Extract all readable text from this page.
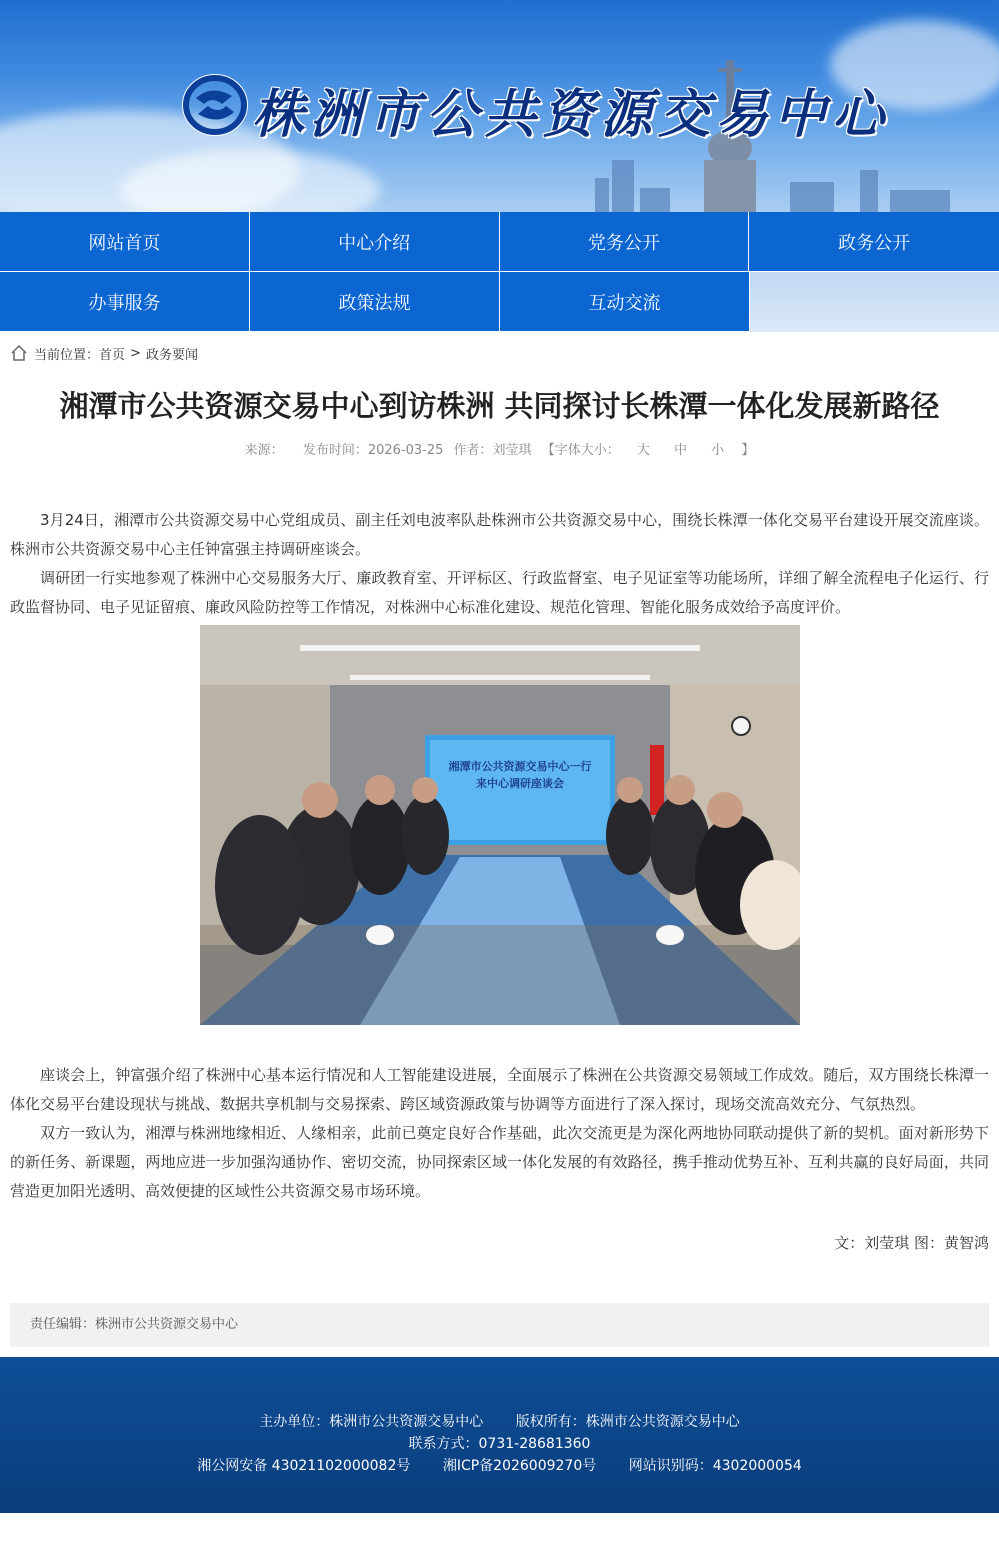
株洲市公共资源交易中心
网站首页	中心介绍	党务公开	政务公开
办事服务	政策法规	互动交流
当前位置： 首页 > 政务要闻
湘潭市公共资源交易中心到访株洲 共同探讨长株潭一体化发展新路径
来源： 发布时间：2026-03-25 作者：刘莹琪 【字体大小： 大 中 小 】

3月24日，湘潭市公共资源交易中心党组成员、副主任刘电波率队赴株洲市公共资源交易中心，围绕长株潭一体化交易平台建设开展交流座谈。株洲市公共资源交易中心主任钟富强主持调研座谈会。

调研团一行实地参观了株洲中心交易服务大厅、廉政教育室、开评标区、行政监督室、电子见证室等功能场所，详细了解全流程电子化运行、行政监督协同、电子见证留痕、廉政风险防控等工作情况，对株洲中心标准化建设、规范化管理、智能化服务成效给予高度评价。

湘潭市公共资源交易中心一行
来中心调研座谈会

座谈会上，钟富强介绍了株洲中心基本运行情况和人工智能建设进展，全面展示了株洲在公共资源交易领域工作成效。随后，双方围绕长株潭一体化交易平台建设现状与挑战、数据共享机制与交易探索、跨区域资源政策与协调等方面进行了深入探讨，现场交流高效充分、气氛热烈。

双方一致认为，湘潭与株洲地缘相近、人缘相亲，此前已奠定良好合作基础，此次交流更是为深化两地协同联动提供了新的契机。面对新形势下的新任务、新课题，两地应进一步加强沟通协作、密切交流，协同探索区域一体化发展的有效路径，携手推动优势互补、互利共赢的良好局面，共同营造更加阳光透明、高效便捷的区域性公共资源交易市场环境。

文：刘莹琪 图：黄智鸿
责任编辑：株洲市公共资源交易中心
主办单位：株洲市公共资源交易中心 版权所有：株洲市公共资源交易中心
联系方式：0731-28681360
湘公网安备 43021102000082号 湘ICP备2026009270号 网站识别码：4302000054
